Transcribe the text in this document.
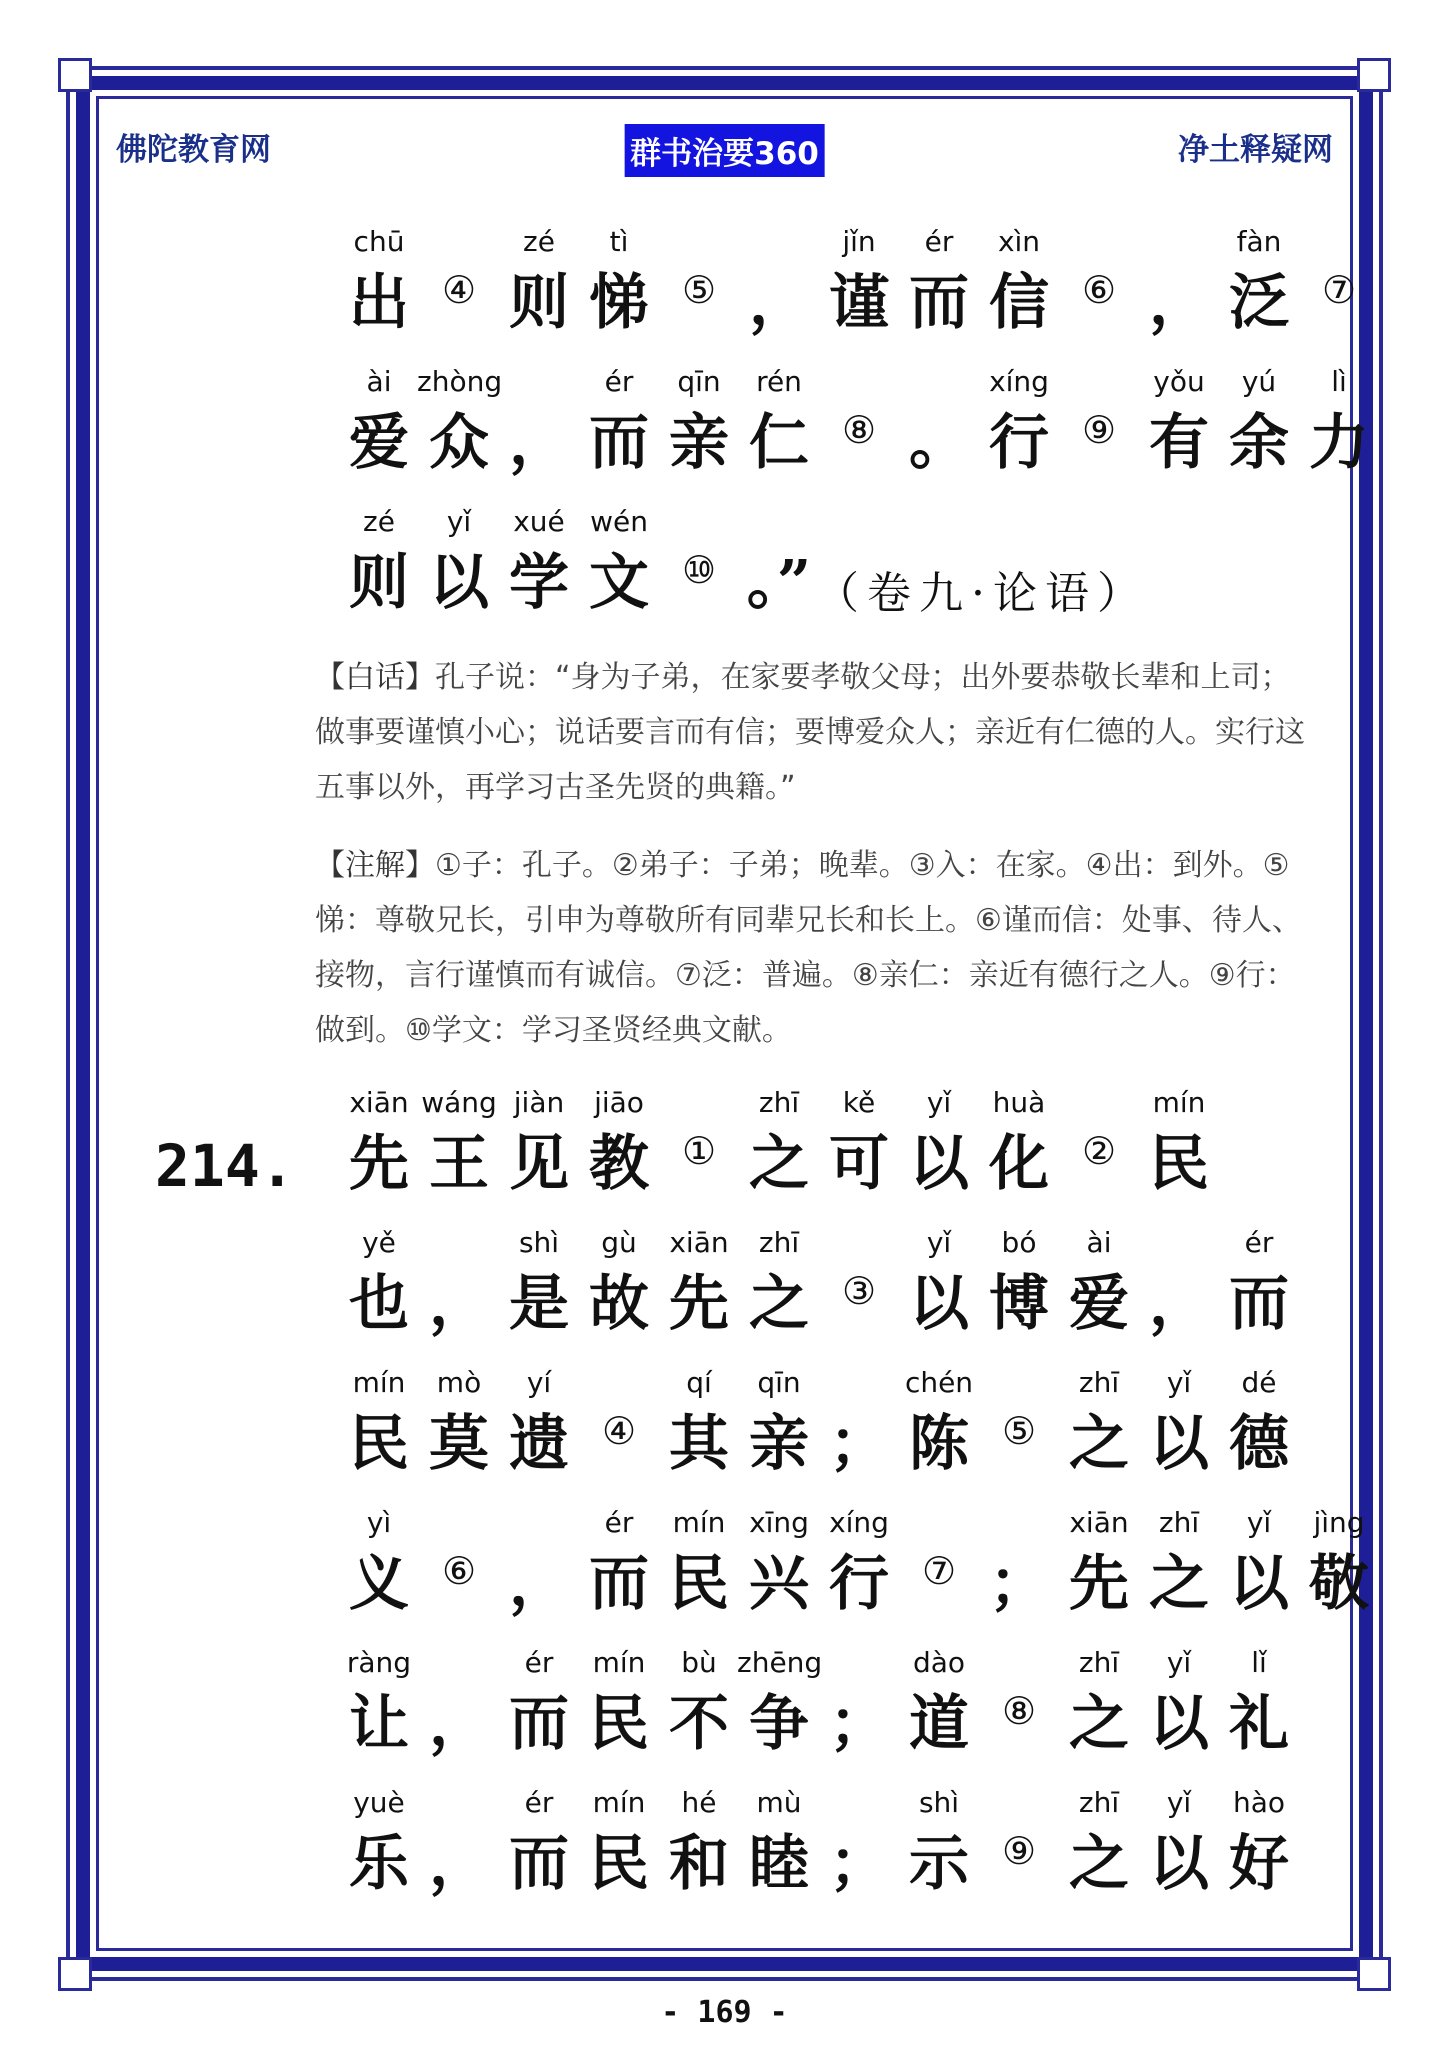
佛陀教育网	群书治要360	净土释疑网
chū
出 ④
zé
则
tì
悌 ⑤ ，
jǐn
谨
ér
而
xìn
信 ⑥ ，
fàn
泛 ⑦
ài
爱
zhòng
众 ，
ér
而
qīn
亲
rén
仁 ⑧ 。
xíng
行 ⑨
yǒu
有
yú
余
lì
力
zé
则
yǐ
以
xué
学
wén
文 ⑩ 。” （卷九·论语）
【白话】孔子说：“身为子弟，在家要孝敬父母；出外要恭敬长辈和上司；做事要谨慎小心；说话要言而有信；要博爱众人；亲近有仁德的人。实行这五事以外，再学习古圣先贤的典籍。”
【注解】①子：孔子。②弟子：子弟；晚辈。③入：在家。④出：到外。⑤悌：尊敬兄长，引申为尊敬所有同辈兄长和长上。⑥谨而信：处事、待人、接物，言行谨慎而有诚信。⑦泛：普遍。⑧亲仁：亲近有德行之人。⑨行：做到。⑩学文：学习圣贤经典文献。
214.
xiān
先
wáng
王
jiàn
见
jiāo
教 ①
zhī
之
kě
可
yǐ
以
huà
化 ②
mín
民
yě
也 ，
shì
是
gù
故
xiān
先
zhī
之 ③
yǐ
以
bó
博
ài
爱 ，
ér
而
mín
民
mò
莫
yí
遗 ④
qí
其
qīn
亲 ；
chén
陈 ⑤
zhī
之
yǐ
以
dé
德
yì
义 ⑥ ，
ér
而
mín
民
xīng
兴
xíng
行 ⑦ ；
xiān
先
zhī
之
yǐ
以
jìng
敬
ràng
让 ，
ér
而
mín
民
bù
不
zhēng
争 ；
dào
道 ⑧
zhī
之
yǐ
以
lǐ
礼
yuè
乐 ，
ér
而
mín
民
hé
和
mù
睦 ；
shì
示 ⑨
zhī
之
yǐ
以
hào
好
- 169 -
